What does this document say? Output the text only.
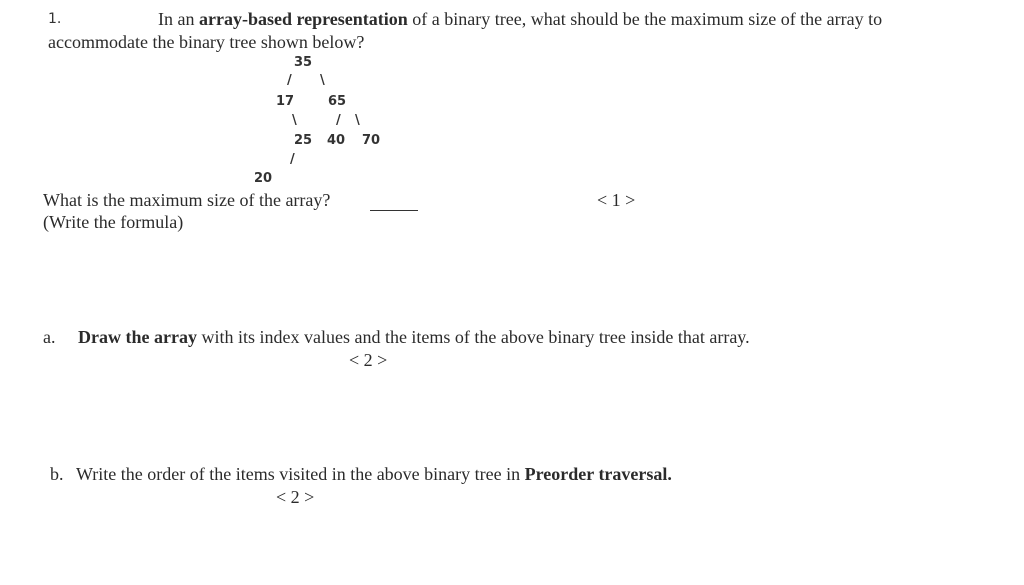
1.	In an array-based representation of a binary tree, what should be the maximum size of the array to
accommodate the binary tree shown below?
35
/ \
17	65
\	/ \
25 40 70
/
20
What is the maximum size of the array?	< 1 >
(Write the formula)
a. Draw the array with its index values and the items of the above binary tree inside that array.
< 2 >
b. Write the order of the items visited in the above binary tree in Preorder traversal.
< 2 >
